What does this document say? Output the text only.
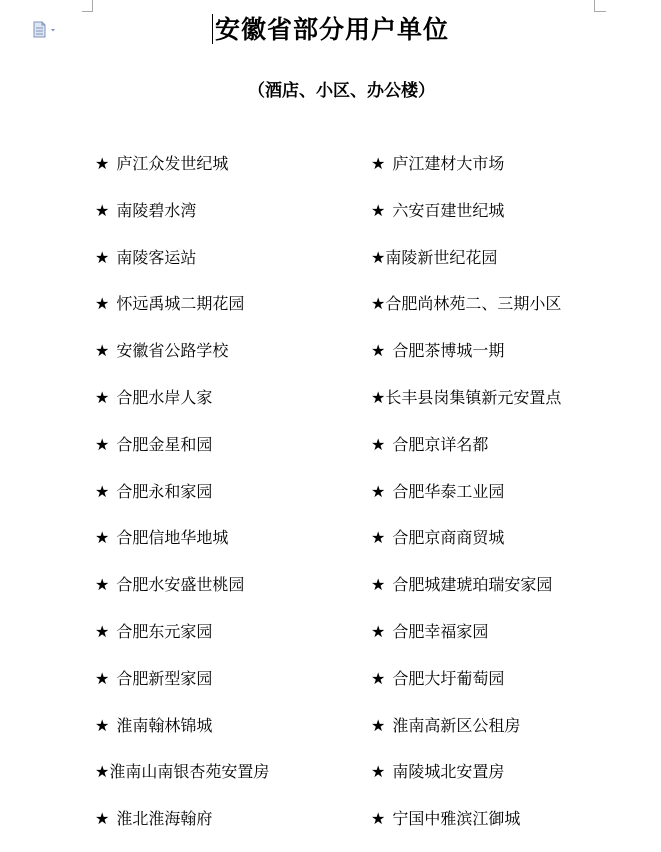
安徽省部分用户单位
（酒店、小区、办公楼）
★ 庐江众发世纪城	★ 庐江建材大市场
★ 南陵碧水湾	★ 六安百建世纪城
★ 南陵客运站	★南陵新世纪花园
★ 怀远禹城二期花园	★合肥尚林苑二、三期小区
★ 安徽省公路学校	★ 合肥茶博城一期
★ 合肥水岸人家	★长丰县岗集镇新元安置点
★ 合肥金星和园	★ 合肥京详名都
★ 合肥永和家园	★ 合肥华泰工业园
★ 合肥信地华地城	★ 合肥京商商贸城
★ 合肥水安盛世桃园	★ 合肥城建琥珀瑞安家园
★ 合肥东元家园	★ 合肥幸福家园
★ 合肥新型家园	★ 合肥大圩葡萄园
★ 淮南翰林锦城	★ 淮南高新区公租房
★淮南山南银杏苑安置房	★ 南陵城北安置房
★ 淮北淮海翰府	★ 宁国中雅滨江御城
